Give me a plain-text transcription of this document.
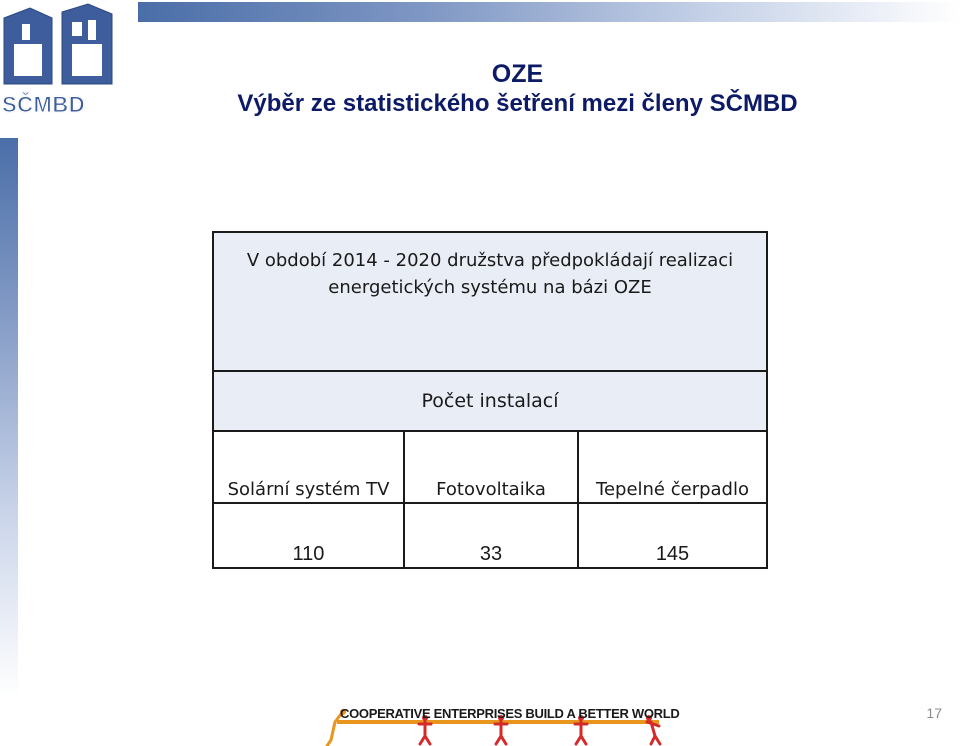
SČMBD
OZE
Výběr ze statistického šetření mezi členy SČMBD
V období 2014 - 2020 družstva předpokládají realizaci energetických systému na bázi OZE		

Počet instalací		
Solární systém TV	Fotovoltaika	Tepelné čerpadlo
110	33	145
COOPERATIVE ENTERPRISES BUILD A BETTER WORLD	17
